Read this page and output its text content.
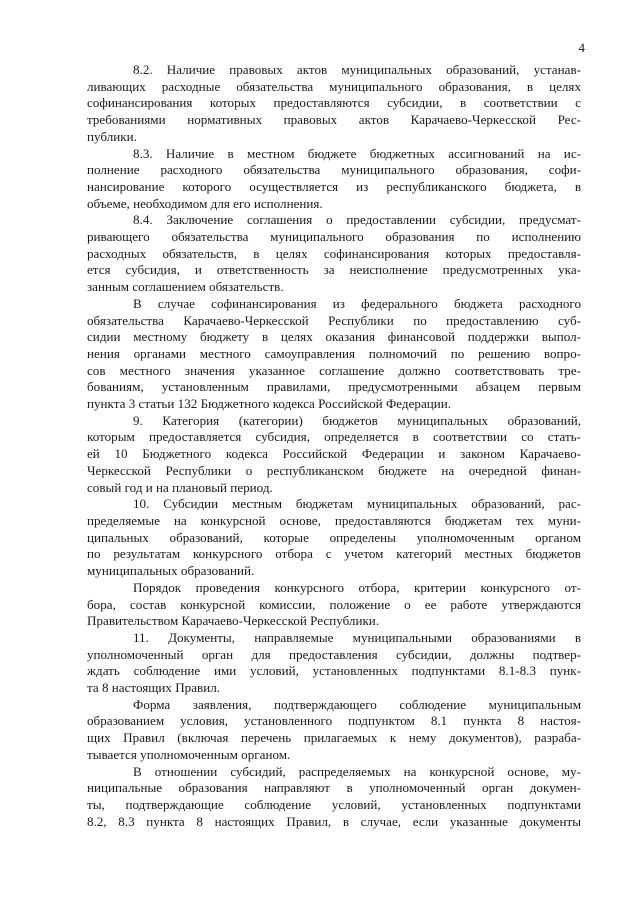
4

8.2. Наличие правовых актов муниципальных образований, устанав-
ливающих расходные обязательства муниципального образования, в целях
софинансирования которых предоставляются субсидии, в соответствии с
требованиями нормативных правовых актов Карачаево-Черкесской Рес-
публики.

8.3. Наличие в местном бюджете бюджетных ассигнований на ис-
полнение расходного обязательства муниципального образования, софи-
нансирование которого осуществляется из республиканского бюджета, в
объеме, необходимом для его исполнения.

8.4. Заключение соглашения о предоставлении субсидии, предусмат-
ривающего обязательства муниципального образования по исполнению
расходных обязательств, в целях софинансирования которых предоставля-
ется субсидия, и ответственность за неисполнение предусмотренных ука-
занным соглашением обязательств.

В случае софинансирования из федерального бюджета расходного
обязательства Карачаево-Черкесской Республики по предоставлению суб-
сидии местному бюджету в целях оказания финансовой поддержки выпол-
нения органами местного самоуправления полномочий по решению вопро-
сов местного значения указанное соглашение должно соответствовать тре-
бованиям, установленным правилами, предусмотренными абзацем первым
пункта 3 статьи 132 Бюджетного кодекса Российской Федерации.

9. Категория (категории) бюджетов муниципальных образований,
которым предоставляется субсидия, определяется в соответствии со стать-
ей 10 Бюджетного кодекса Российской Федерации и законом Карачаево-
Черкесской Республики о республиканском бюджете на очередной финан-
совый год и на плановый период.

10. Субсидии местным бюджетам муниципальных образований, рас-
пределяемые на конкурсной основе, предоставляются бюджетам тех муни-
ципальных образований, которые определены уполномоченным органом
по результатам конкурсного отбора с учетом категорий местных бюджетов
муниципальных образований.

Порядок проведения конкурсного отбора, критерии конкурсного от-
бора, состав конкурсной комиссии, положение о ее работе утверждаются
Правительством Карачаево-Черкесской Республики.

11. Документы, направляемые муниципальными образованиями в
уполномоченный орган для предоставления субсидии, должны подтвер-
ждать соблюдение ими условий, установленных подпунктами 8.1-8.3 пунк-
та 8 настоящих Правил.

Форма заявления, подтверждающего соблюдение муниципальным
образованием условия, установленного подпунктом 8.1 пункта 8 настоя-
щих Правил (включая перечень прилагаемых к нему документов), разраба-
тывается уполномоченным органом.

В отношении субсидий, распределяемых на конкурсной основе, му-
ниципальные образования направляют в уполномоченный орган докумен-
ты, подтверждающие соблюдение условий, установленных подпунктами
8.2, 8.3 пункта 8 настоящих Правил, в случае, если указанные документы
